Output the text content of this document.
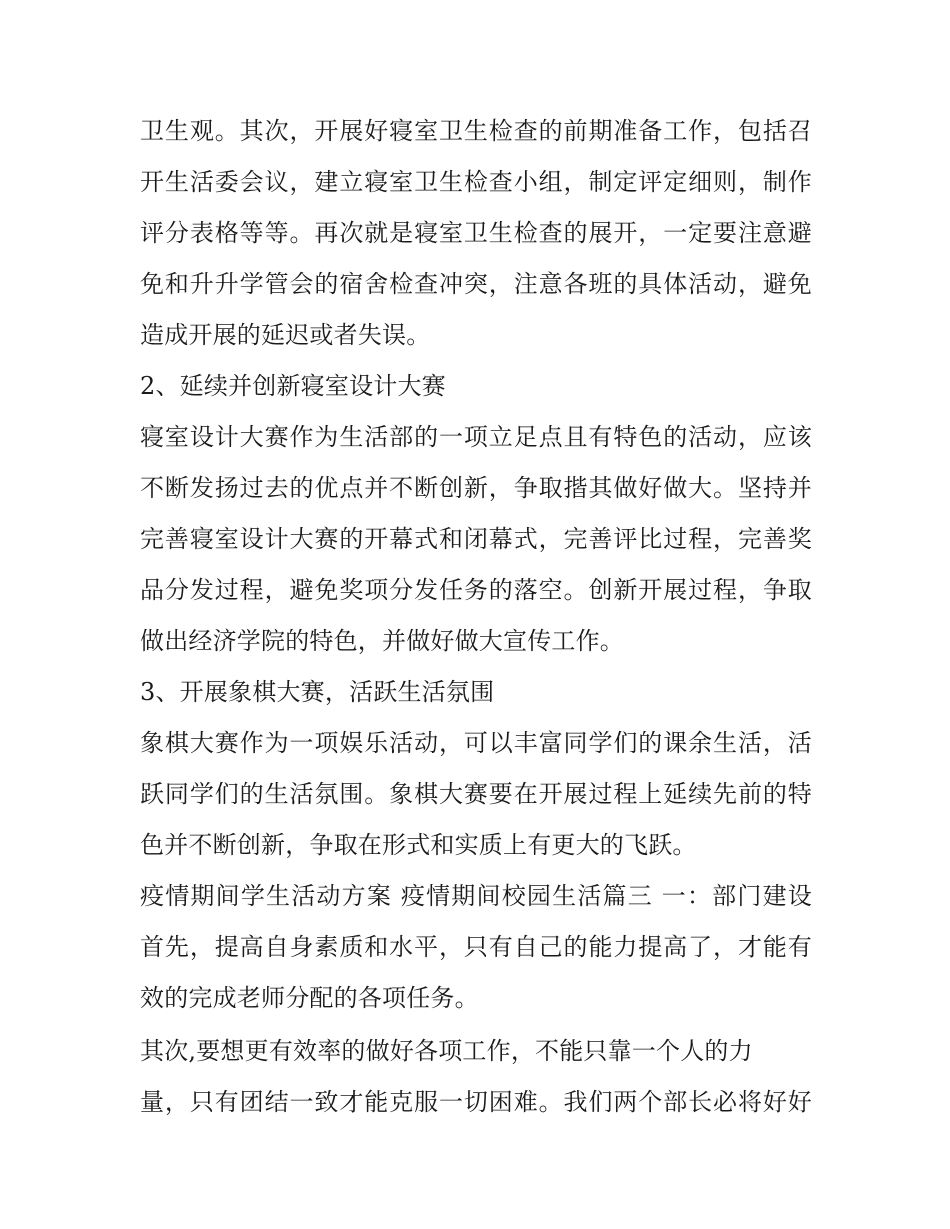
卫生观。其次，开展好寝室卫生检查的前期准备工作，包括召
开生活委会议，建立寝室卫生检查小组，制定评定细则，制作
评分表格等等。再次就是寝室卫生检查的展开，一定要注意避
免和升升学管会的宿舍检查冲突，注意各班的具体活动，避免
造成开展的延迟或者失误。
2、延续并创新寝室设计大赛
寝室设计大赛作为生活部的一项立足点且有特色的活动，应该
不断发扬过去的优点并不断创新，争取揩其做好做大。坚持并
完善寝室设计大赛的开幕式和闭幕式，完善评比过程，完善奖
品分发过程，避免奖项分发任务的落空。创新开展过程，争取
做出经济学院的特色，并做好做大宣传工作。
3、开展象棋大赛，活跃生活氛围
象棋大赛作为一项娱乐活动，可以丰富同学们的课余生活，活
跃同学们的生活氛围。象棋大赛要在开展过程上延续先前的特
色并不断创新，争取在形式和实质上有更大的飞跃。
疫情期间学生活动方案 疫情期间校园生活篇三 一：部门建设
首先，提高自身素质和水平，只有自己的能力提高了，才能有
效的完成老师分配的各项任务。
其次,要想更有效率的做好各项工作，不能只靠一个人的力
量，只有团结一致才能克服一切困难。我们两个部长必将好好
